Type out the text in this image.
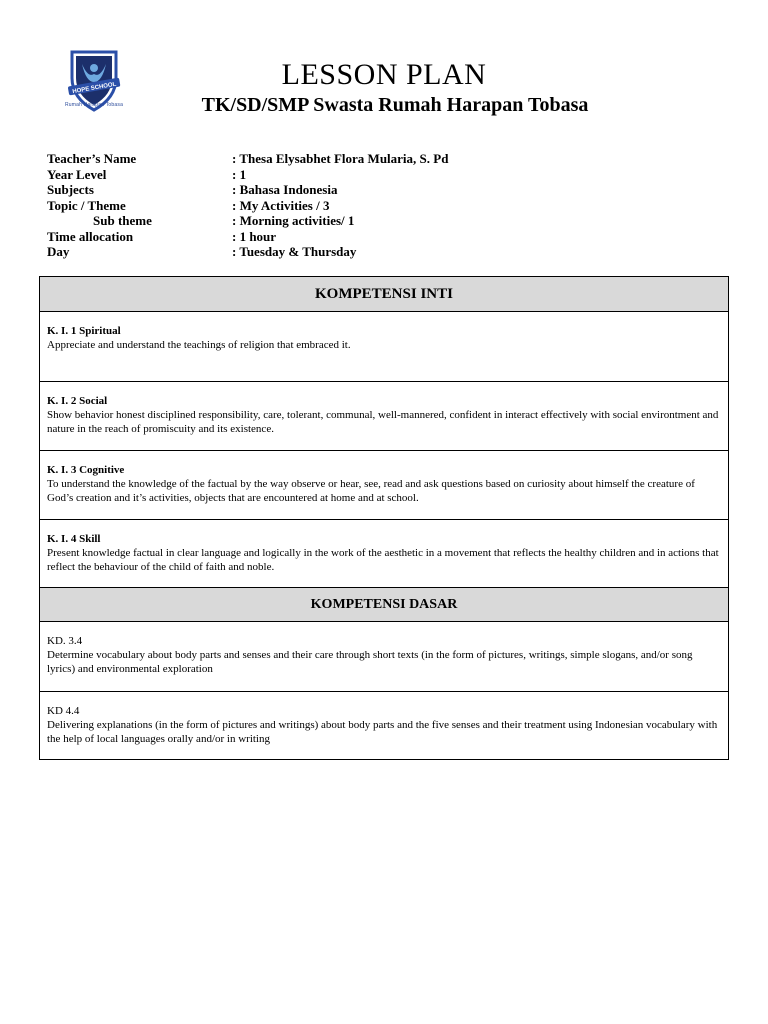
HOPE SCHOOL
Rumah Harapan Tobasa
LESSON PLAN
TK/SD/SMP Swasta Rumah Harapan Tobasa
Teacher’s Name	: Thesa Elysabhet Flora Mularia, S. Pd
Year Level	: 1
Subjects	: Bahasa Indonesia
Topic / Theme	: My Activities / 3
Sub theme	: Morning activities/ 1
Time allocation	: 1 hour
Day	: Tuesday & Thursday
KOMPETENSI INTI
K. I. 1 Spiritual
Appreciate and understand the teachings of religion that embraced it.
K. I. 2 Social
Show behavior honest disciplined responsibility, care, tolerant, communal, well-mannered, confident in interact effectively with social environtment and nature in the reach of promiscuity and its existence.
K. I. 3 Cognitive
To understand the knowledge of the factual by the way observe or hear, see, read and ask questions based on curiosity about himself the creature of God’s creation and it’s activities, objects that are encountered at home and at school.
K. I. 4 Skill
Present knowledge factual in clear language and logically in the work of the aesthetic in a movement that reflects the healthy children and in actions that reflect the behaviour of the child of faith and noble.
KOMPETENSI DASAR
KD. 3.4
Determine vocabulary about body parts and senses and their care through short texts (in the form of pictures, writings, simple slogans, and/or song lyrics) and environmental exploration
KD 4.4
Delivering explanations (in the form of pictures and writings) about body parts and the five senses and their treatment using Indonesian vocabulary with the help of local languages orally and/or in writing
